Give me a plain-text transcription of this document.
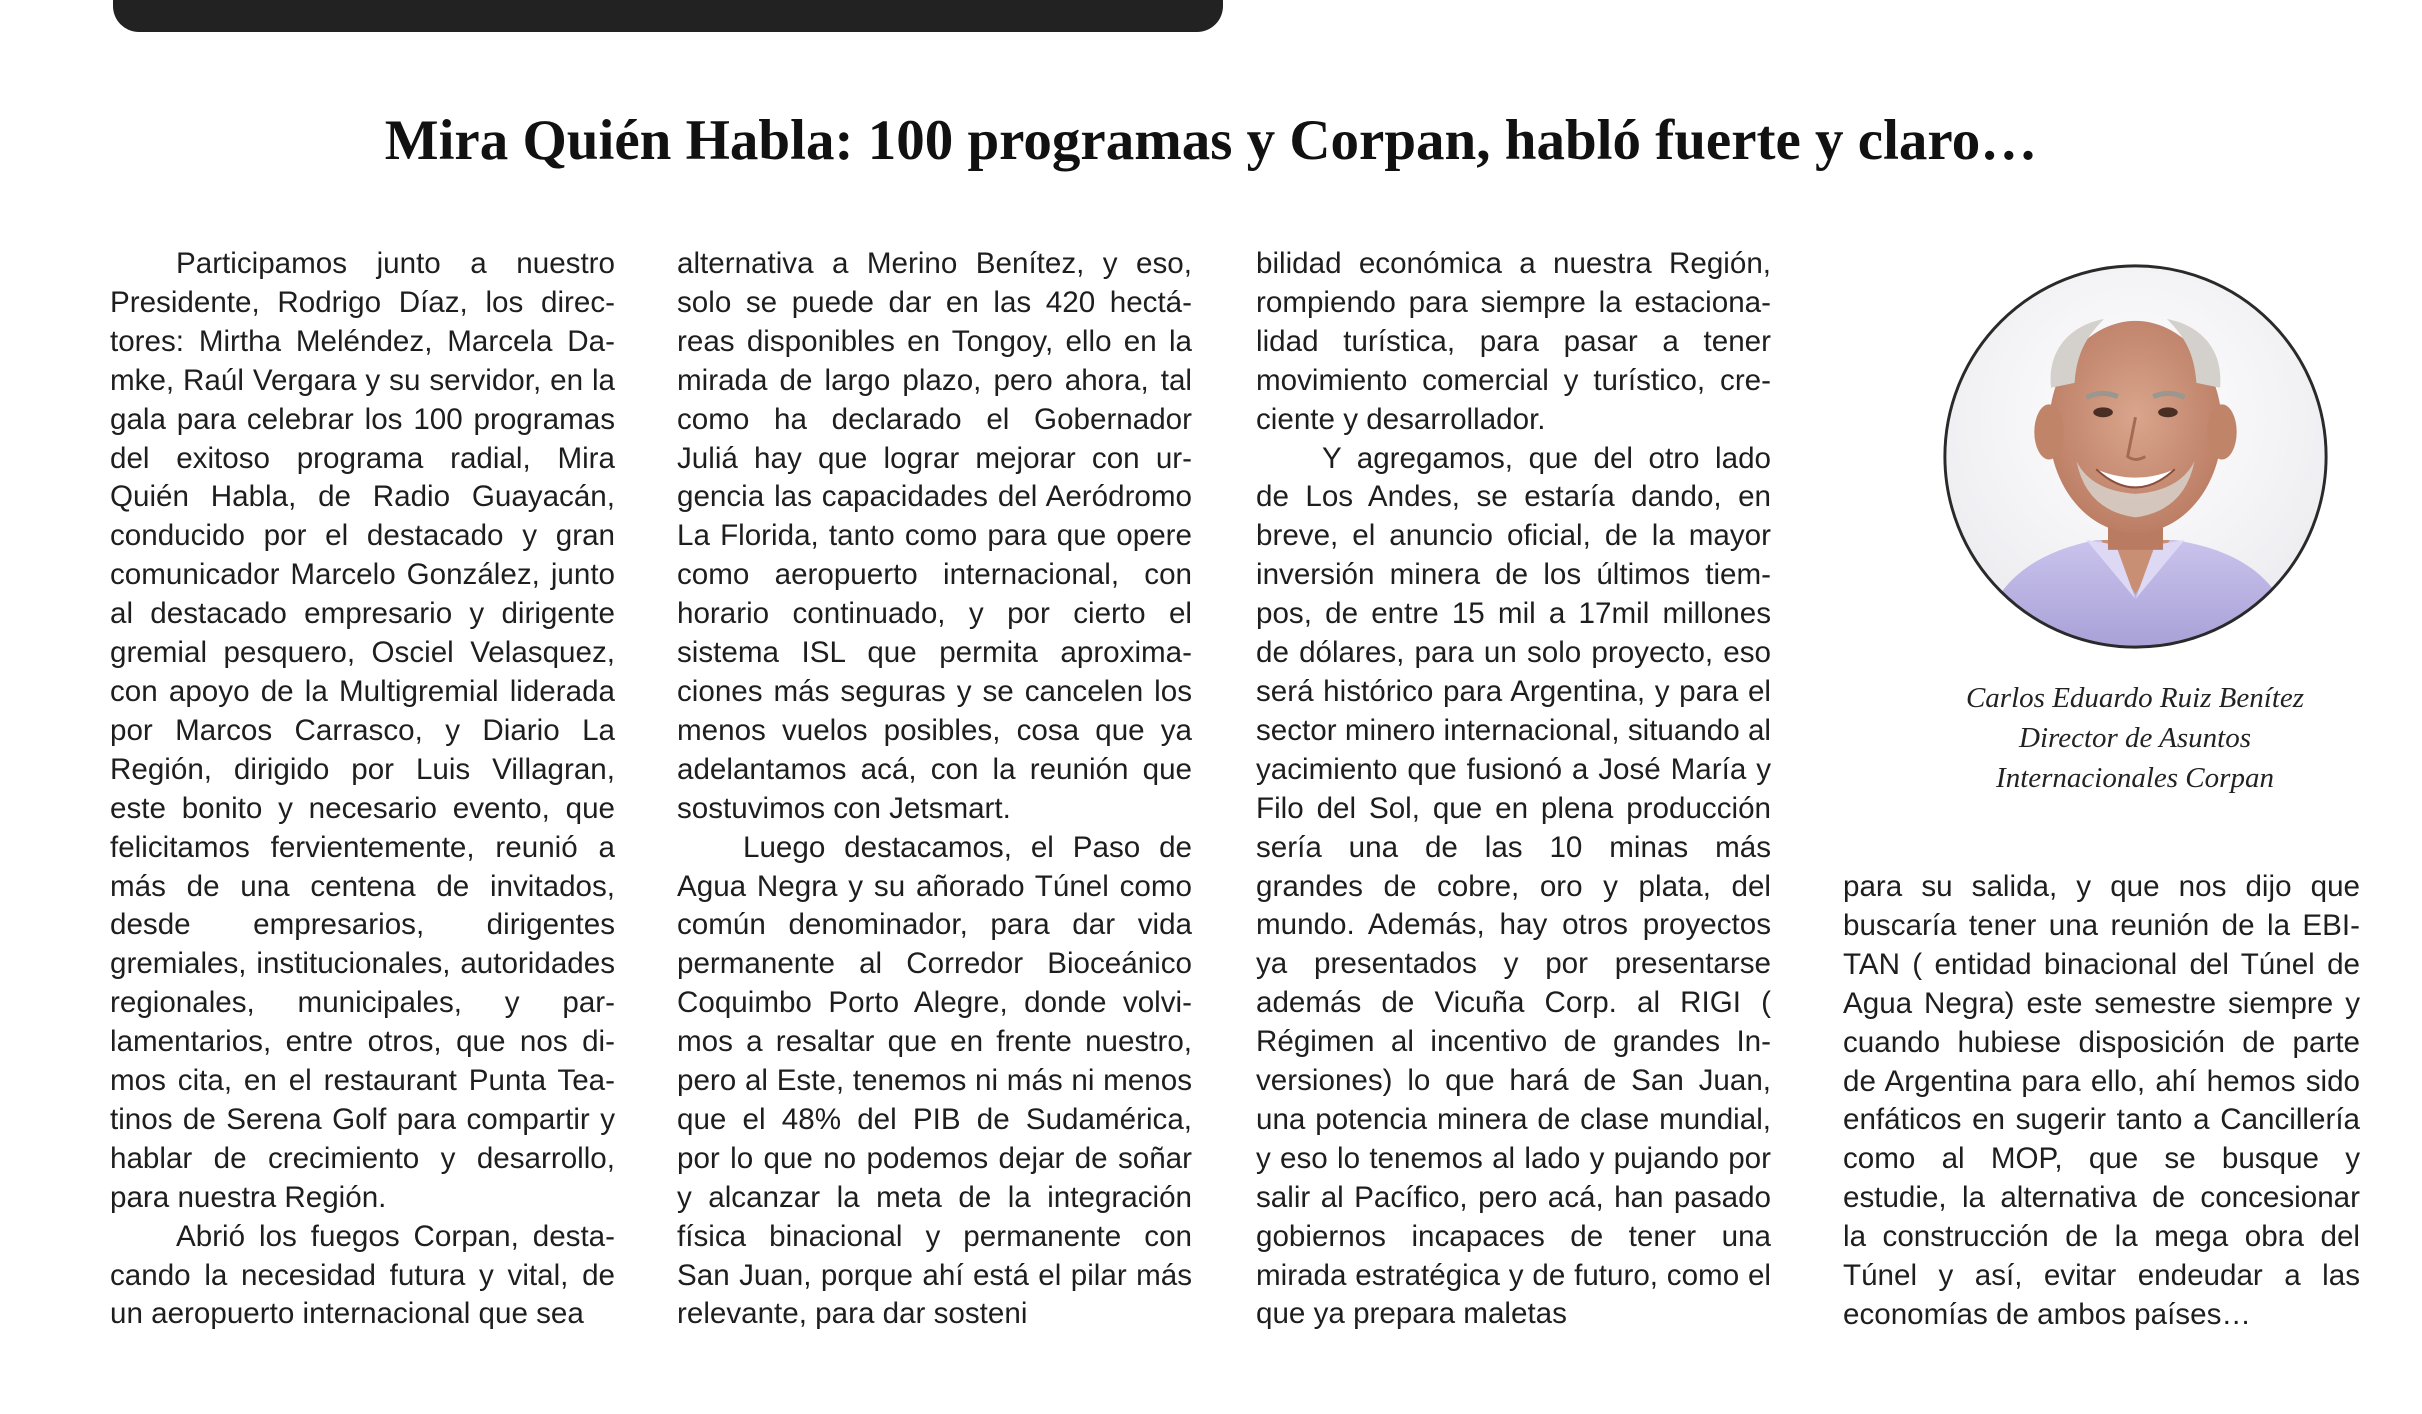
Mira Quién Habla: 100 programas y Corpan, habló fuerte y claro…

Participamos junto a nuestro Presidente, Rodrigo Díaz, los directores: Mirtha Meléndez, Marcela Damke, Raúl Vergara y su servidor, en la gala para celebrar los 100 programas del exitoso programa radial, Mira Quién Habla, de Radio Guayacán, conducido por el destacado y gran comunicador Marcelo González, junto al destacado empresario y dirigente gremial pesquero, Osciel Velasquez, con apoyo de la Multigremial liderada por Marcos Carrasco, y Diario La Región, dirigido por Luis Villagran, este bonito y necesario evento, que felicitamos fervientemente, reunió a más de una centena de invitados, desde empresarios, dirigentes gremiales, institucionales, autoridades regionales, municipales, y parlamentarios, entre otros, que nos dimos cita, en el restaurant Punta Teatinos de Serena Golf para compartir y hablar de crecimiento y desarrollo, para nuestra Región.

Abrió los fuegos Corpan, destacando la necesidad futura y vital, de un aeropuerto internacional que sea

alternativa a Merino Benítez, y eso, solo se puede dar en las 420 hectáreas disponibles en Tongoy, ello en la mirada de largo plazo, pero ahora, tal como ha declarado el Gobernador Juliá hay que lograr mejorar con urgencia las capacidades del Aeródromo La Florida, tanto como para que opere como aeropuerto internacional, con horario continuado, y por cierto el sistema ISL que permita aproximaciones más seguras y se cancelen los menos vuelos posibles, cosa que ya adelantamos acá, con la reunión que sostuvimos con Jetsmart.

Luego destacamos, el Paso de Agua Negra y su añorado Túnel como común denominador, para dar vida permanente al Corredor Bioceánico Coquimbo Porto Alegre, donde volvimos a resaltar que en frente nuestro, pero al Este, tenemos ni más ni menos que el 48% del PIB de Sudamérica, por lo que no podemos dejar de soñar y alcanzar la meta de la integración física binacional y permanente con San Juan, porque ahí está el pilar más relevante, para dar sosteni

bilidad económica a nuestra Región, rompiendo para siempre la estacionalidad turística, para pasar a tener movimiento comercial y turístico, creciente y desarrollador.

Y agregamos, que del otro lado de Los Andes, se estaría dando, en breve, el anuncio oficial, de la mayor inversión minera de los últimos tiempos, de entre 15 mil a 17mil millones de dólares, para un solo proyecto, eso será histórico para Argentina, y para el sector minero internacional, situando al yacimiento que fusionó a José María y Filo del Sol, que en plena producción sería una de las 10 minas más grandes de cobre, oro y plata, del mundo. Además, hay otros proyectos ya presentados y por presentarse además de Vicuña Corp. al RIGI ( Régimen al incentivo de grandes Inversiones) lo que hará de San Juan, una potencia minera de clase mundial, y eso lo tenemos al lado y pujando por salir al Pacífico, pero acá, han pasado gobiernos incapaces de tener una mirada estratégica y de futuro, como el que ya prepara maletas

Carlos Eduardo Ruiz Benítez
Director de Asuntos
Internacionales Corpan

para su salida, y que nos dijo que buscaría tener una reunión de la EBITAN ( entidad binacional del Túnel de Agua Negra) este semestre siempre y cuando hubiese disposición de parte de Argentina para ello, ahí hemos sido enfáticos en sugerir tanto a Cancillería como al MOP, que se busque y estudie, la alternativa de concesionar la construcción de la mega obra del Túnel y así, evitar endeudar a las economías de ambos países…
